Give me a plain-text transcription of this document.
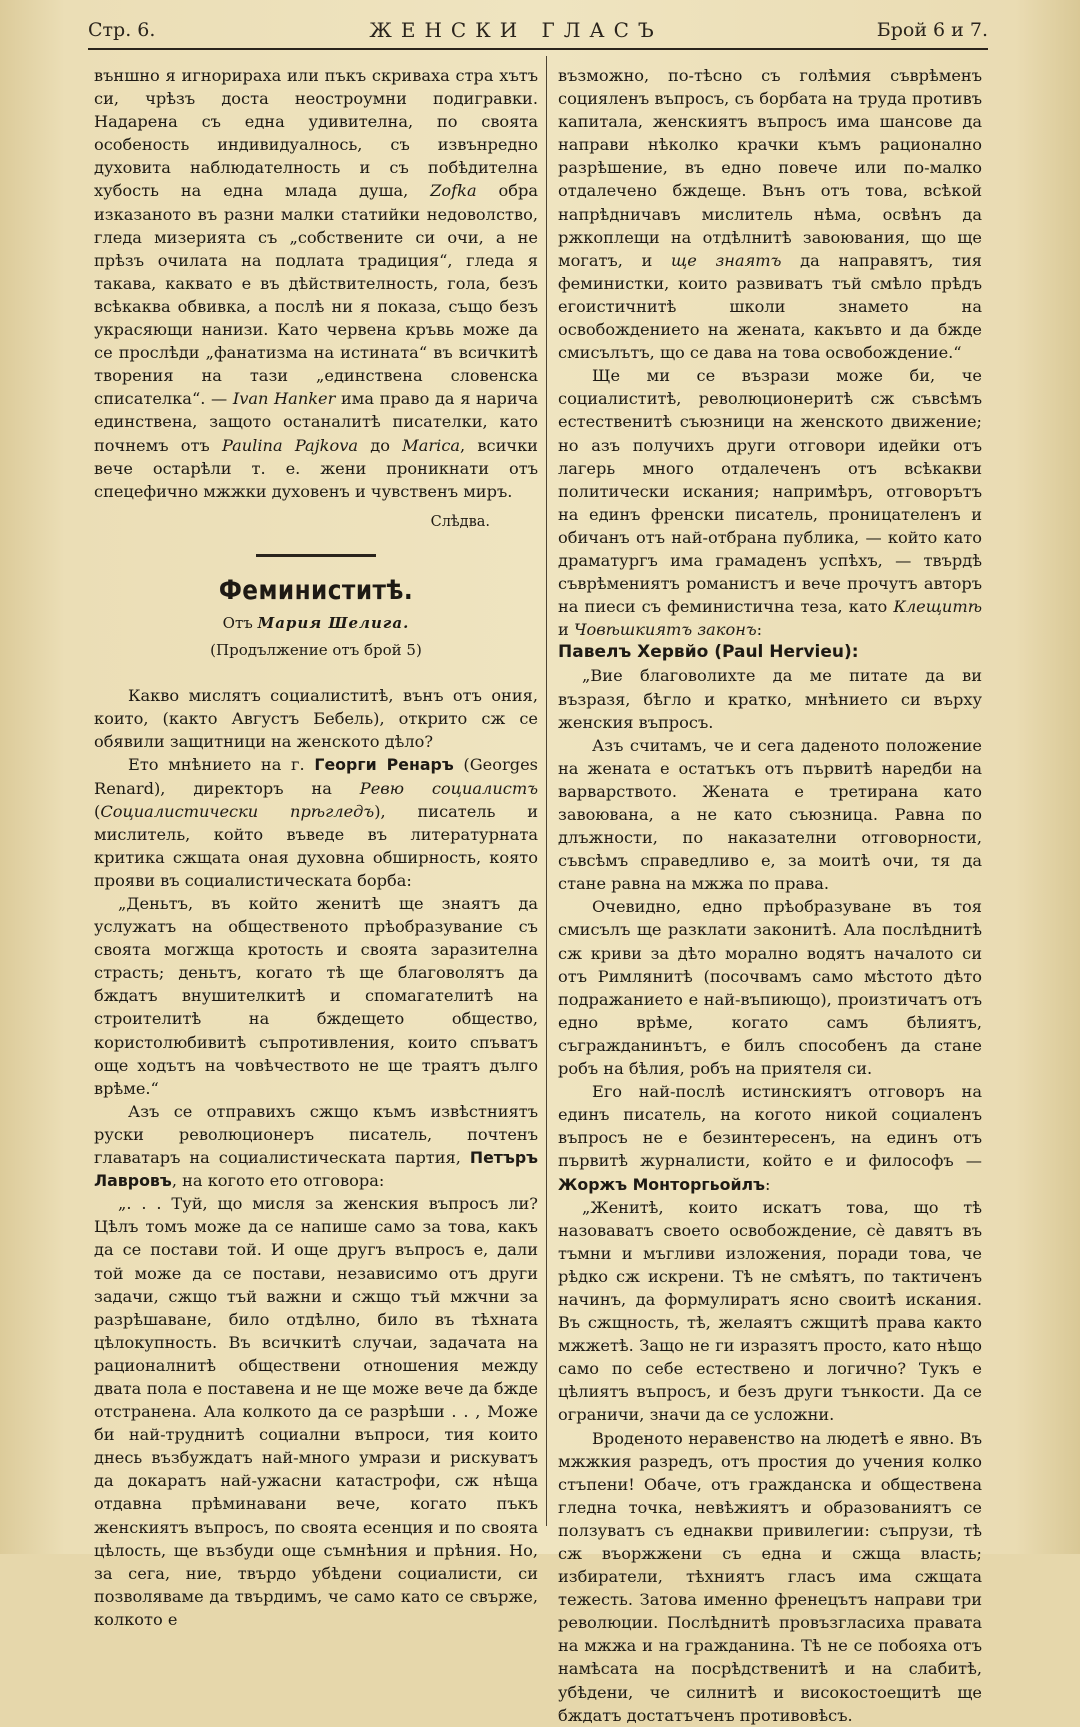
Стр. 6.	ЖЕНСКИ ГЛАСЪ	Брой 6 и 7.

външно я игнорираха или пъкъ скриваха стра хътъ си, чрѣзъ доста неостроумни подигравки. Надарена съ една удивителна, по своята особеность индивидуалнось, съ извънредно духовита наблюдателность и съ побѣдителна хубость на една млада душа, Zofka обра изказаното въ разни малки статийки недоволство, гледа мизерията съ „собствените си очи, а не прѣзъ очилата на подлата традиция“, гледа я такава, каквато е въ дѣйствителность, гола, безъ всѣкаква обвивка, а послѣ ни я показа, също безъ украсяющи нанизи. Като червена кръвь може да се прослѣди „фанатизма на истината“ въ всичкитѣ творения на тази „единствена словенска списателка“. — Ivan Hanker има право да я нарича единствена, защото останалитѣ писателки, като почнемъ отъ Paulina Pajkova до Marica, всички вече остарѣли т. е. жени проникнати отъ спецефично мжжки духовенъ и чувственъ миръ.

Слѣдва.
Феминиститѣ.
Отъ Мария Шелига.
(Продължение отъ брой 5)

Какво мислятъ социалиститѣ, вънъ отъ ония, които, (както Августъ Бебель), открито сж се обявили защитници на женското дѣло?

Ето мнѣнието на г. Георги Ренаръ (Georges Renard), директоръ на Ревю социалистъ (Социалистически прѣгледъ), писатель и мислитель, който въведе въ литературната критика сжщата оная духовна обширность, която прояви въ социалистическата борба:

„Деньтъ, въ който женитѣ ще знаятъ да услужатъ на общественото прѣобразувание съ своята могжща кротость и своята заразителна страсть; деньтъ, когато тѣ ще благоволятъ да бждатъ внушителкитѣ и спомагателитѣ на строителитѣ на бждещето общество, користолюбивитѣ съпротивления, които спъватъ още ходътъ на човѣчеството не ще траятъ дълго врѣме.“

Азъ се отправихъ сжщо къмъ извѣстниятъ руски революционеръ писатель, почтенъ главатаръ на социалистическата партия, Петъръ Лавровъ, на когото ето отговора:

„. . . Туй, що мисля за женския въпросъ ли? Цѣлъ томъ може да се напише само за това, какъ да се постави той. И още другъ въпросъ е, дали той може да се постави, независимо отъ други задачи, сжщо тъй важни и сжщо тъй мжчни за разрѣшаване, било отдѣлно, било въ тѣхната цѣлокупность. Въ всичкитѣ случаи, задачата на рационалнитѣ обществени отношения между двата пола е поставена и не ще може вече да бжде отстранена. Ала колкото да се разрѣши . . , Може би най-труднитѣ социални въпроси, тия които днесь възбуждатъ най-много умрази и рискуватъ да докаратъ най-ужасни катастрофи, сж нѣща отдавна прѣминавани вече, когато пъкъ женскиятъ въпросъ, по своята есенция и по своята цѣлость, ще възбуди още съмнѣния и прѣния. Но, за сега, ние, твърдо убѣдени социалисти, си позволяваме да твърдимъ, че само като се свърже, колкото е

възможно, по-тѣсно съ голѣмия съврѣменъ социяленъ въпросъ, съ борбата на труда противъ капитала, женскиятъ въпросъ има шансове да направи нѣколко крачки къмъ рационално разрѣшение, въ едно повече или по-малко отдалечено бждеще. Вънъ отъ това, всѣкой напрѣдничавъ мислитель нѣма, освѣнъ да ржкоплещи на отдѣлнитѣ завоювания, що ще могатъ, и ще знаятъ да направятъ, тия феминистки, които развиватъ тъй смѣло прѣдъ егоистичнитѣ школи знамето на освобождението на жената, какъвто и да бжде смисълътъ, що се дава на това освобождение.“

Ще ми се възрази може би, че социалиститѣ, революционеритѣ сж съвсѣмъ естественитѣ съюзници на женското движение; но азъ получихъ други отговори идейки отъ лагерь много отдалеченъ отъ всѣкакви политически искания; напримѣръ, отговорътъ на единъ френски писатель, проницателенъ и обичанъ отъ най-отбрана публика, — който като драматургъ има грамаденъ успѣхъ, — твърдѣ съврѣмениятъ романистъ и вече прочутъ авторъ на пиеси съ феминистична теза, като Клещитѣ и Човѣшкиятъ законъ:

Павелъ Хервйо (Paul Hervieu):

„Вие благоволихте да ме питате да ви възразя, бѣгло и кратко, мнѣнието си върху женския въпросъ.

Азъ считамъ, че и сега даденото положение на жената е остатъкъ отъ първитѣ наредби на варварството. Жената е третирана като завоювана, а не като съюзница. Равна по длъжности, по наказателни отговорности, съвсѣмъ справедливо е, за моитѣ очи, тя да стане равна на мжжа по права.

Очевидно, едно прѣобразуване въ тоя смисълъ ще разклати законитѣ. Ала послѣднитѣ сж криви за дѣто морално водятъ началото си отъ Римлянитѣ (посочвамъ само мѣстото дѣто подражанието е най-въпиющо), произтичатъ отъ едно врѣме, когато самъ бѣлиятъ, съгражданинътъ, е билъ способенъ да стане робъ на бѣлия, робъ на приятеля си.

Его най-послѣ истинскиятъ отговоръ на единъ писатель, на когото никой социаленъ въпросъ не е безинтересенъ, на единъ отъ първитѣ журналисти, който е и философъ — Жоржъ Монторгьойлъ:

„Женитѣ, които искатъ това, що тѣ назоваватъ своето освобождение, сѐ давятъ въ тъмни и мъгливи изложения, поради това, че рѣдко сж искрени. Тѣ не смѣятъ, по тактиченъ начинъ, да формулиратъ ясно своитѣ искания. Въ сжщность, тѣ, желаятъ сжщитѣ права както мжжетѣ. Защо не ги изразятъ просто, като нѣщо само по себе естествено и логично? Тукъ е цѣлиятъ въпросъ, и безъ други тънкости. Да се ограничи, значи да се усложни.

Вроденото неравенство на людетѣ е явно. Въ мжжкия разредъ, отъ простия до учения колко стъпени! Обаче, отъ гражданска и обществена гледна точка, невѣжиятъ и образованиятъ се ползуватъ съ еднакви привилегии: съпрузи, тѣ сж въоржжени съ една и сжща власть; избиратели, тѣхниятъ гласъ има сжщата тежесть. Затова именно френецътъ направи три революции. Послѣднитѣ провъзгласиха правата на мжжа и на гражданина. Тѣ не се побояха отъ намѣсата на посрѣдственитѣ и на слабитѣ, убѣдени, че силнитѣ и високостоещитѣ ще бждатъ достатъченъ противовѣсъ.
